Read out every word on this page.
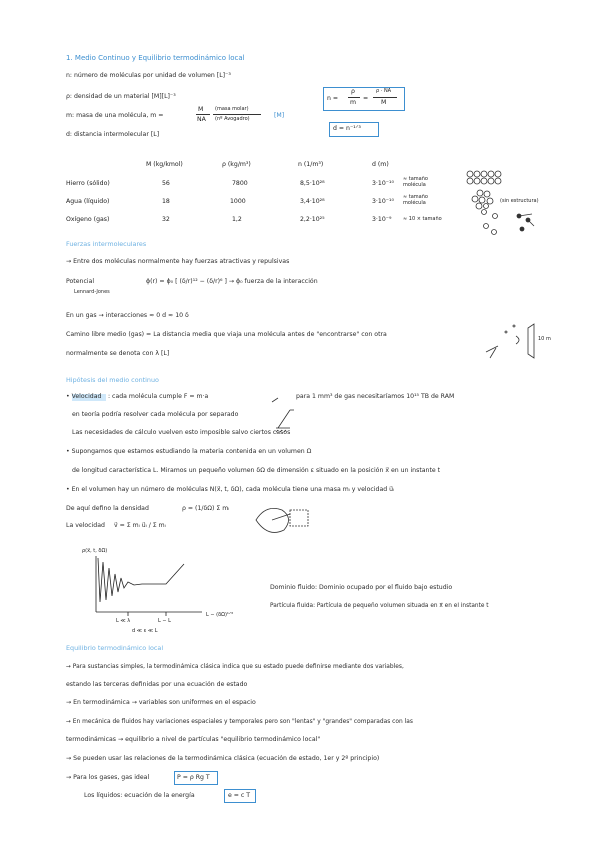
1. Medio Continuo y Equilibrio termodinámico local
n: número de moléculas por unidad de volumen [L]⁻³
ρ: densidad de un material [M][L]⁻³
m: masa de una molécula, m =
M
NA
(masa molar)
(nº Avogadro)	[M]
d: distancia intermolecular [L]
n =
ρ
m
=
ρ · NA
M
d = n⁻¹ᐟ³
M (kg/kmol)	ρ (kg/m³)	n (1/m³)	d (m)
Hierro (sólido)	56	7800	8,5·10²⁸	3·10⁻¹⁰
≈ tamaño molécula
Agua (líquido)	18	1000	3,4·10²⁸	3·10⁻¹⁰
≈ tamaño molécula	(sin estructura)
Oxígeno (gas)	32	1,2	2,2·10²⁵	3·10⁻⁹ ≈ 10 × tamaño
Fuerzas intermoleculares
→ Entre dos moléculas normalmente hay fuerzas atractivas y repulsivas
Potencial
Lennard-Jones
ϕ(r) = ϕ₀ [ (δ/r)¹² − (δ/r)⁶ ] → ϕ₀ fuerza de la interacción
En un gas → interacciones ≈ 0 d ≈ 10 δ
Camino libre medio (gas) = La distancia media que viaja una molécula antes de "encontrarse" con otra
normalmente se denota con λ [L]
10 m
Hipótesis del medio continuo
• Velocidad : cada molécula cumple F = m·a	para 1 mm³ de gas necesitaríamos 10¹⁵ TB de RAM
en teoría podría resolver cada molécula por separado
Las necesidades de cálculo vuelven esto imposible salvo ciertos casos
• Supongamos que estamos estudiando la materia contenida en un volumen Ω
de longitud característica L. Miramos un pequeño volumen δΩ de dimensión ε situado en la posición x⃗ en un instante t
• En el volumen hay un número de moléculas N(x⃗, t, δΩ), cada molécula tiene una masa mᵢ y velocidad u⃗ᵢ
De aquí defino la densidad	ρ = (1/δΩ) Σ mᵢ
La velocidad v⃗ = Σ mᵢ u⃗ᵢ / Σ mᵢ
ρ(x⃗, t, δΩ)
L ≪ λ	L ∼ L
L ∼ (δΩ)¹ᐟ³
d ≪ ε ≪ L
Dominio fluido: Dominio ocupado por el fluido bajo estudio
Partícula fluida: Partícula de pequeño volumen situada en x⃗ en el instante t
Equilibrio termodinámico local
→ Para sustancias simples, la termodinámica clásica indica que su estado puede definirse mediante dos variables,
estando las terceras definidas por una ecuación de estado
→ En termodinámica → variables son uniformes en el espacio
→ En mecánica de fluidos hay variaciones espaciales y temporales pero son "lentas" y "grandes" comparadas con las
termodinámicas → equilibrio a nivel de partículas "equilibrio termodinámico local"
→ Se pueden usar las relaciones de la termodinámica clásica (ecuación de estado, 1er y 2º principio)
→ Para los gases, gas ideal	P = ρ Rg T
Los líquidos: ecuación de la energía	e = c T
